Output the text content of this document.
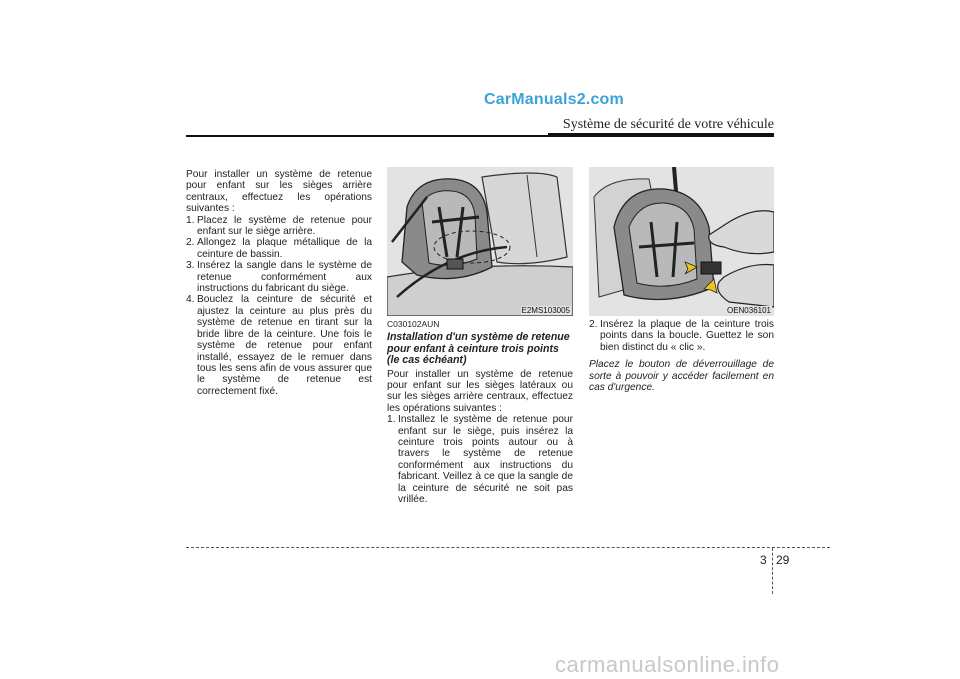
CarManuals2.com
Système de sécurité de votre véhicule

Pour installer un système de retenue pour enfant sur les sièges arrière centraux, effectuez les opérations suivantes :

1. Placez le système de retenue pour enfant sur le siège arrière.
2. Allongez la plaque métallique de la ceinture de bassin.
3. Insérez la sangle dans le système de retenue conformément aux instructions du fabricant du siège.
4. Bouclez la ceinture de sécurité et ajustez la ceinture au plus près du système de retenue en tirant sur la bride libre de la ceinture. Une fois le système de retenue pour enfant installé, essayez de le remuer dans tous les sens afin de vous assurer que le système de retenue est correctement fixé.
E2MS103005

C030102AUN

Installation d'un système de retenue pour enfant à ceinture trois points (le cas échéant)

Pour installer un système de retenue pour enfant sur les sièges latéraux ou sur les sièges arrière centraux, effectuez les opérations suivantes :

1. Installez le système de retenue pour enfant sur le siège, puis insérez la ceinture trois points autour ou à travers le système de retenue conformément aux instructions du fabricant. Veillez à ce que la sangle de la ceinture de sécurité ne soit pas vrillée.
OEN036101
2. Insérez la plaque de la ceinture trois points dans la boucle. Guettez le son bien distinct du « clic ».

Placez le bouton de déverrouillage de sorte à pouvoir y accéder facilement en cas d'urgence.

3 29
carmanualsonline.info
